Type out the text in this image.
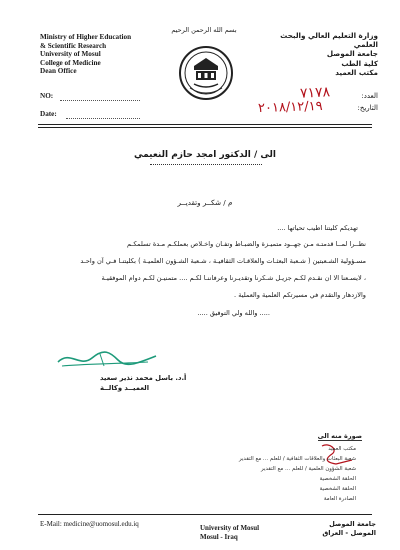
Ministry of Higher Education
& Scientific Research
University of Mosul
College of Medicine
Dean Office
بسم الله الرحمن الرحيم
وزارة التعليم العالي والبحث العلمي
جامعة الموصل
كلية الطب
مكتب العميد
NO:
Date:
العدد:
التاريخ:
٧١٧٨
٢٠١٨/١٢/١٩
الى / الدكتور امجد حازم النعيمي
م / شكــر وتقديــر
تهديكم كليتنا اطيب تحياتها ....
نظــرا لمــا قدمتـه مـن جهــود متميـزة والضبـاط وتفـان واخـلاص بعملكـم مـدة تسلمكـم
مسـؤولية الشـعبتين ( شـعبة البعثـات والعلاقـات الثقافيـة ، شـعبة الشـؤون العلميـة ) بكليتنـا فـي آن واحـد
، لايسـعنا الا ان نقـدم لكـم جزيـل شـكرنا وتقديـرنا وعرفاننـا لكـم .... متمنيـن لكـم دوام الموفقيـة
والازدهار والتقدم في مسيرتكم العلمية والعملية .
..... والله ولي التوفيق .....
أ.د. باسل محمد نذير سعيد
العميــد وكالــة
صورة منه الى
مكتب العميد
شعبة البعثات والعلاقات الثقافية / للعلم ... مع التقدير
شعبة الشؤون العلمية / للعلم ... مع التقدير
الحلقة الشخصية
الحلقة الشخصية
الصادرة العامة
E-Mail: medicine@uomosul.edu.iq	University of Mosul
Mosul - Iraq
جامعة الموصل
الموصل - العراق
